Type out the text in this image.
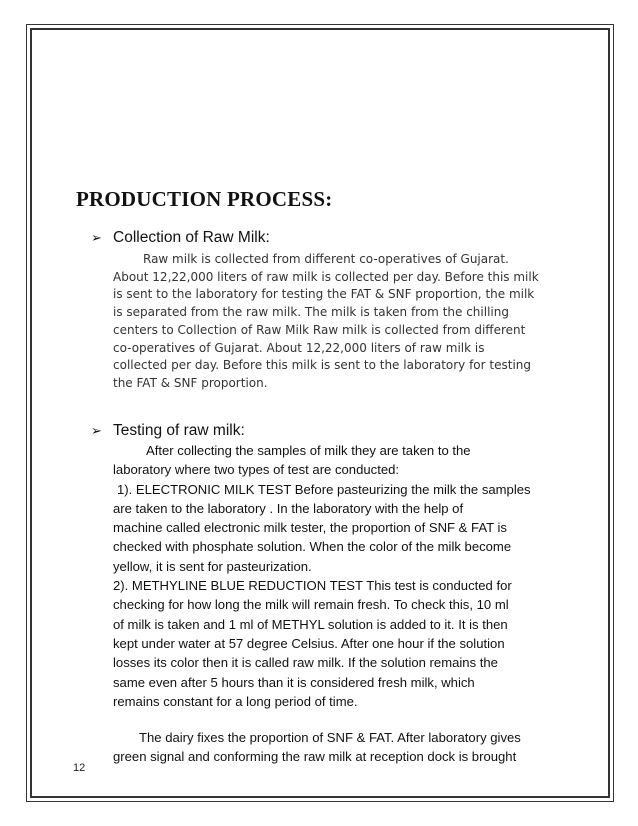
PRODUCTION PROCESS:
➢ Collection of Raw Milk:
Raw milk is collected from different co-operatives of Gujarat.
About 12,22,000 liters of raw milk is collected per day. Before this milk
is sent to the laboratory for testing the FAT & SNF proportion, the milk
is separated from the raw milk. The milk is taken from the chilling
centers to Collection of Raw Milk Raw milk is collected from different
co-operatives of Gujarat. About 12,22,000 liters of raw milk is
collected per day. Before this milk is sent to the laboratory for testing
the FAT & SNF proportion.
➢ Testing of raw milk:
After collecting the samples of milk they are taken to the
laboratory where two types of test are conducted:
1). ELECTRONIC MILK TEST Before pasteurizing the milk the samples
are taken to the laboratory . In the laboratory with the help of
machine called electronic milk tester, the proportion of SNF & FAT is
checked with phosphate solution. When the color of the milk become
yellow, it is sent for pasteurization.
2). METHYLINE BLUE REDUCTION TEST This test is conducted for
checking for how long the milk will remain fresh. To check this, 10 ml
of milk is taken and 1 ml of METHYL solution is added to it. It is then
kept under water at 57 degree Celsius. After one hour if the solution
losses its color then it is called raw milk. If the solution remains the
same even after 5 hours than it is considered fresh milk, which
remains constant for a long period of time.
The dairy fixes the proportion of SNF & FAT. After laboratory gives
green signal and conforming the raw milk at reception dock is brought
12
